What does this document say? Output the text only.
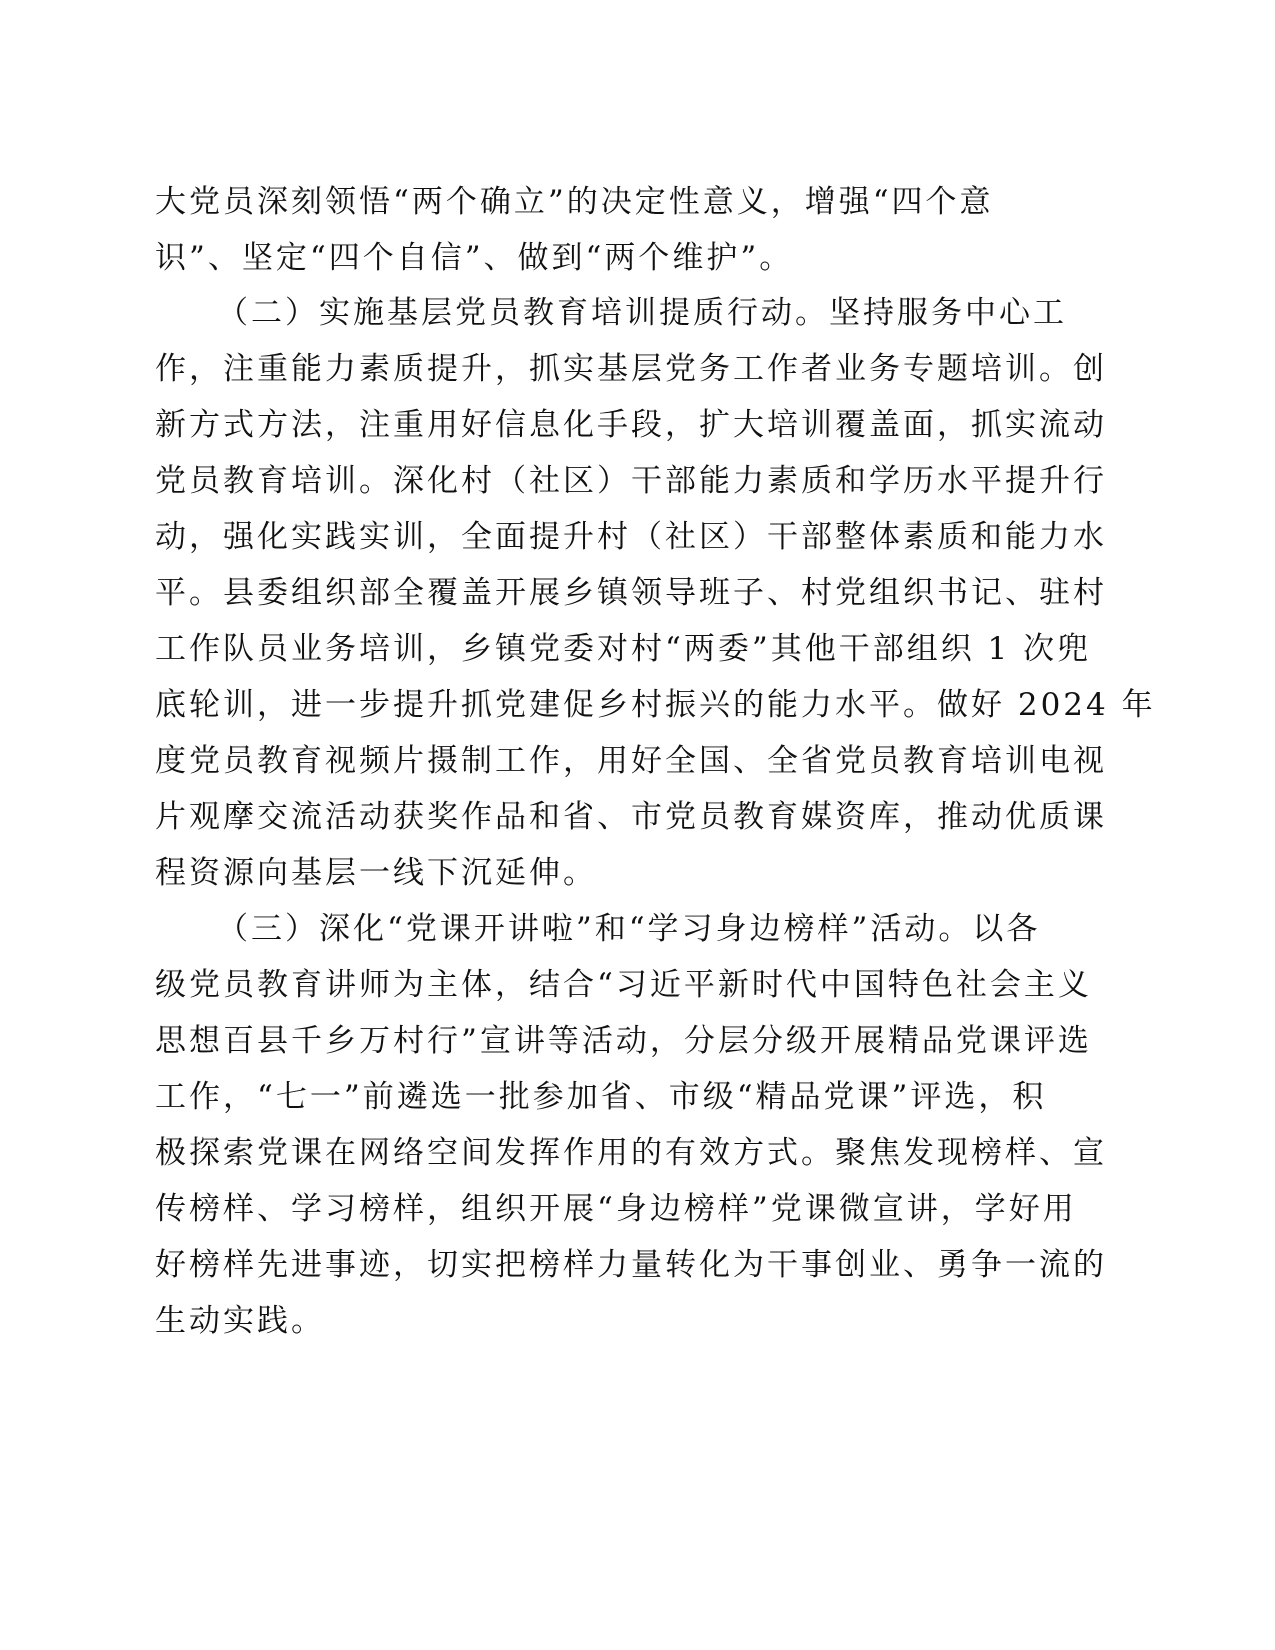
大党员深刻领悟“两个确立”的决定性意义，增强“四个意
识”、坚定“四个自信”、做到“两个维护”。
（二）实施基层党员教育培训提质行动。坚持服务中心工
作，注重能力素质提升，抓实基层党务工作者业务专题培训。创
新方式方法，注重用好信息化手段，扩大培训覆盖面，抓实流动
党员教育培训。深化村（社区）干部能力素质和学历水平提升行
动，强化实践实训，全面提升村（社区）干部整体素质和能力水
平。县委组织部全覆盖开展乡镇领导班子、村党组织书记、驻村
工作队员业务培训，乡镇党委对村“两委”其他干部组织 1 次兜
底轮训，进一步提升抓党建促乡村振兴的能力水平。做好 2024 年
度党员教育视频片摄制工作，用好全国、全省党员教育培训电视
片观摩交流活动获奖作品和省、市党员教育媒资库，推动优质课
程资源向基层一线下沉延伸。
（三）深化“党课开讲啦”和“学习身边榜样”活动。以各
级党员教育讲师为主体，结合“习近平新时代中国特色社会主义
思想百县千乡万村行”宣讲等活动，分层分级开展精品党课评选
工作，“七一”前遴选一批参加省、市级“精品党课”评选，积
极探索党课在网络空间发挥作用的有效方式。聚焦发现榜样、宣
传榜样、学习榜样，组织开展“身边榜样”党课微宣讲，学好用
好榜样先进事迹，切实把榜样力量转化为干事创业、勇争一流的
生动实践。
